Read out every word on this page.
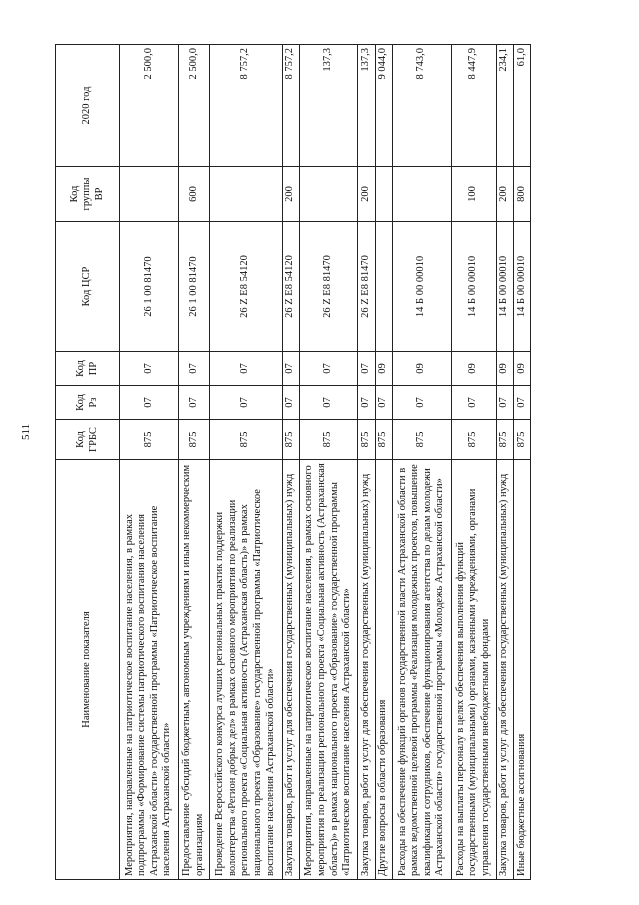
511
Наименование показателя	Код ГРБС	Код Рз	Код ПР	Код ЦСР	Код группы ВР	2020 год
Мероприятия, направленные на патриотическое воспитание населения, в рамках подпрограммы «Формирование системы патриотического воспитания населения Астраханской области» государственной программы «Патриотическое воспитание населения Астраханской области»	875	07	07	26 1 00 81470		2 500,0
Предоставление субсидий бюджетным, автономным учреждениям и иным некоммерческим организациям	875	07	07	26 1 00 81470	600	2 500,0
Проведение Всероссийского конкурса лучших региональных практик поддержки волонтерства «Регион добрых дел» в рамках основного мероприятия по реализации регионального проекта «Социальная активность (Астраханская область)» в рамках национального проекта «Образование» государственной программы «Патриотическое воспитание населения Астраханской области»	875	07	07	26 Z E8 54120		8 757,2
Закупка товаров, работ и услуг для обеспечения государственных (муниципальных) нужд	875	07	07	26 Z E8 54120	200	8 757,2
Мероприятия, направленные на патриотическое воспитание населения, в рамках основного мероприятия по реализации регионального проекта «Социальная активность (Астраханская область)» в рамках национального проекта «Образование» государственной программы «Патриотическое воспитание населения Астраханской области»	875	07	07	26 Z E8 81470		137,3
Закупка товаров, работ и услуг для обеспечения государственных (муниципальных) нужд	875	07	07	26 Z E8 81470	200	137,3
Другие вопросы в области образования	875	07	09			9 044,0
Расходы на обеспечение функций органов государственной власти Астраханской области в рамках ведомственной целевой программы «Реализация молодежных проектов, повышение квалификации сотрудников, обеспечение функционирования агентства по делам молодежи Астраханской области» государственной программы «Молодежь Астраханской области»	875	07	09	14 Б 00 00010		8 743,0
Расходы на выплаты персоналу в целях обеспечения выполнения функций государственными (муниципальными) органами, казенными учреждениями, органами управления государственными внебюджетными фондами	875	07	09	14 Б 00 00010	100	8 447,9
Закупка товаров, работ и услуг для обеспечения государственных (муниципальных) нужд	875	07	09	14 Б 00 00010	200	234,1
Иные бюджетные ассигнования	875	07	09	14 Б 00 00010	800	61,0
